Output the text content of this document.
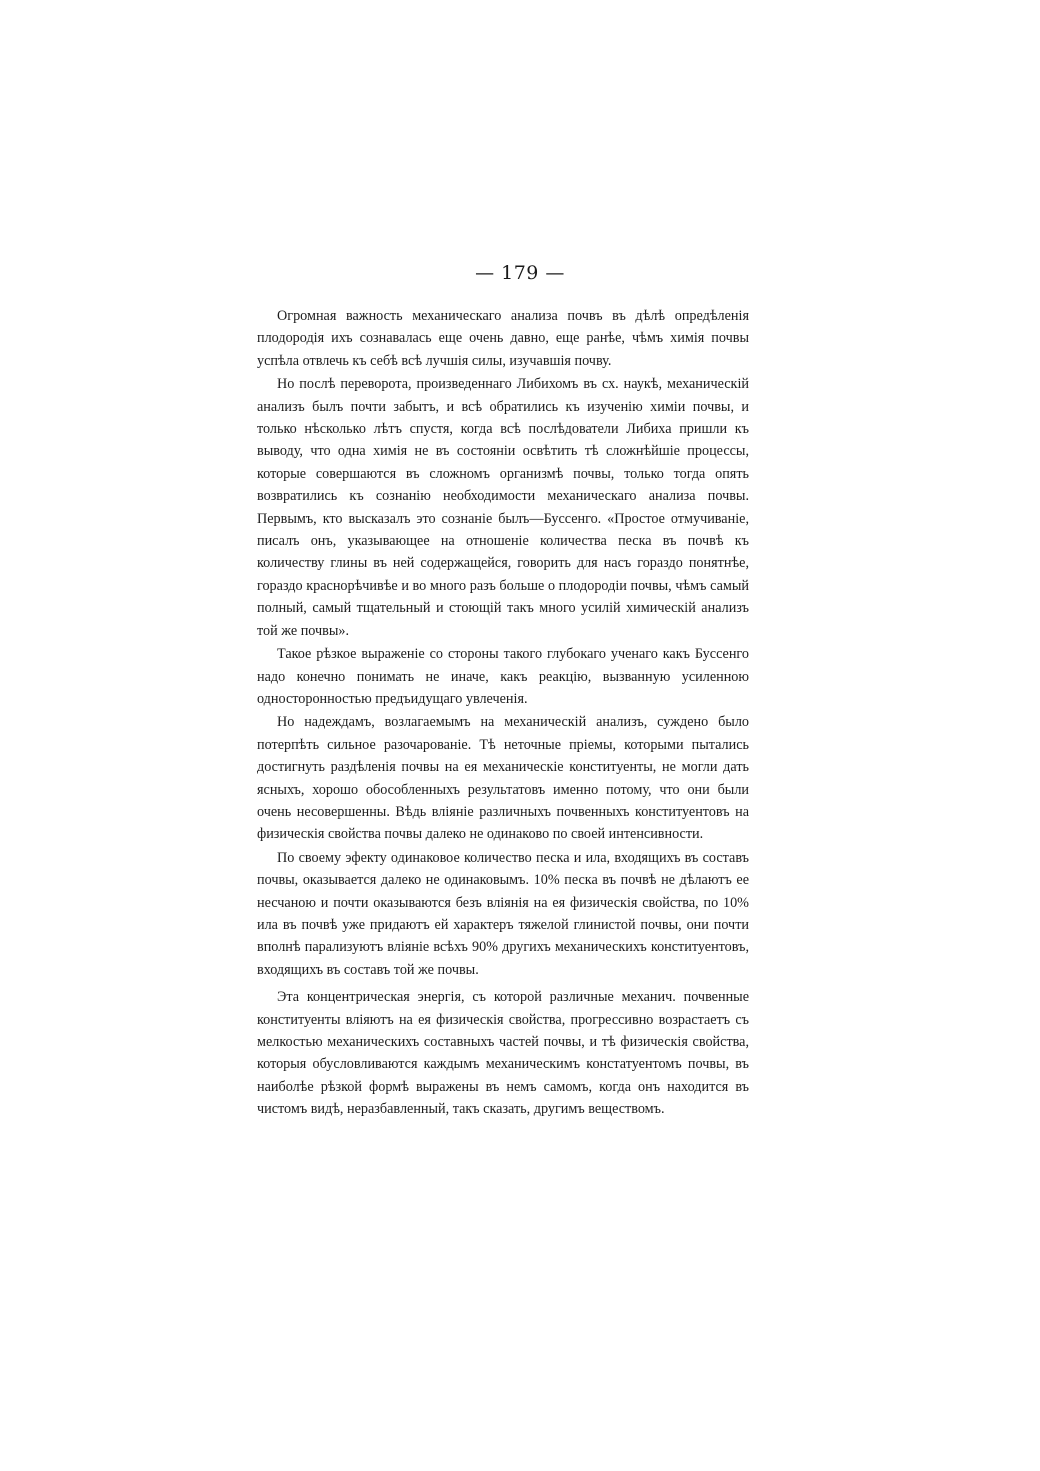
— 179 —

Огромная важность механическаго анализа почвъ въ дѣлѣ опредѣленія плодородія ихъ сознавалась еще очень давно, еще ранѣе, чѣмъ химія почвы успѣла отвлечь къ себѣ всѣ лучшія силы, изучавшія почву.

Но послѣ переворота, произведеннаго Либихомъ въ сх. наукѣ, механическій анализъ былъ почти забытъ, и всѣ обратились къ изученію химіи почвы, и только нѣсколько лѣтъ спустя, когда всѣ послѣдователи Либиха пришли къ выводу, что одна химія не въ состояніи освѣтить тѣ сложнѣйшіе процессы, которые совершаются въ сложномъ организмѣ почвы, только тогда опять возвратились къ сознанію необходимости механическаго анализа почвы. Первымъ, кто высказалъ это сознаніе былъ—Буссенго. «Простое отмучиваніе, писалъ онъ, указывающее на отношеніе количества песка въ почвѣ къ количеству глины въ ней содержащейся, говорить для насъ гораздо понятнѣе, гораздо краснорѣчивѣе и во много разъ больше о плодородіи почвы, чѣмъ самый полный, самый тщательный и стоющій такъ много усилій химическій анализъ той же почвы».

Такое рѣзкое выраженіе со стороны такого глубокаго ученаго какъ Буссенго надо конечно понимать не иначе, какъ реакцію, вызванную усиленною односторонностью предъидущаго увлеченія.

Но надеждамъ, возлагаемымъ на механическій анализъ, суждено было потерпѣть сильное разочарованіе. Тѣ неточные пріемы, которыми пытались достигнуть раздѣленія почвы на ея механическіе конституенты, не могли дать ясныхъ, хорошо обособленныхъ результатовъ именно потому, что они были очень несовершенны. Вѣдь вліяніе различныхъ почвенныхъ конституентовъ на физическія свойства почвы далеко не одинаково по своей интенсивности.

По своему эфекту одинаковое количество песка и ила, входящихъ въ составъ почвы, оказывается далеко не одинаковымъ. 10% песка въ почвѣ не дѣлаютъ ее несчаною и почти оказываются безъ вліянія на ея физическія свойства, по 10% ила въ почвѣ уже придаютъ ей характеръ тяжелой глинистой почвы, они почти вполнѣ парализуютъ вліяніе всѣхъ 90% другихъ механическихъ конституентовъ, входящихъ въ составъ той же почвы.

Эта концентрическая энергія, съ которой различные механич. почвенные конституенты вліяютъ на ея физическія свойства, прогрессивно возрастаетъ съ мелкостью механическихъ составныхъ частей почвы, и тѣ физическія свойства, которыя обусловливаются каждымъ механическимъ констатуентомъ почвы, въ наиболѣе рѣзкой формѣ выражены въ немъ самомъ, когда онъ находится въ чистомъ видѣ, неразбавленный, такъ сказать, другимъ веществомъ.
